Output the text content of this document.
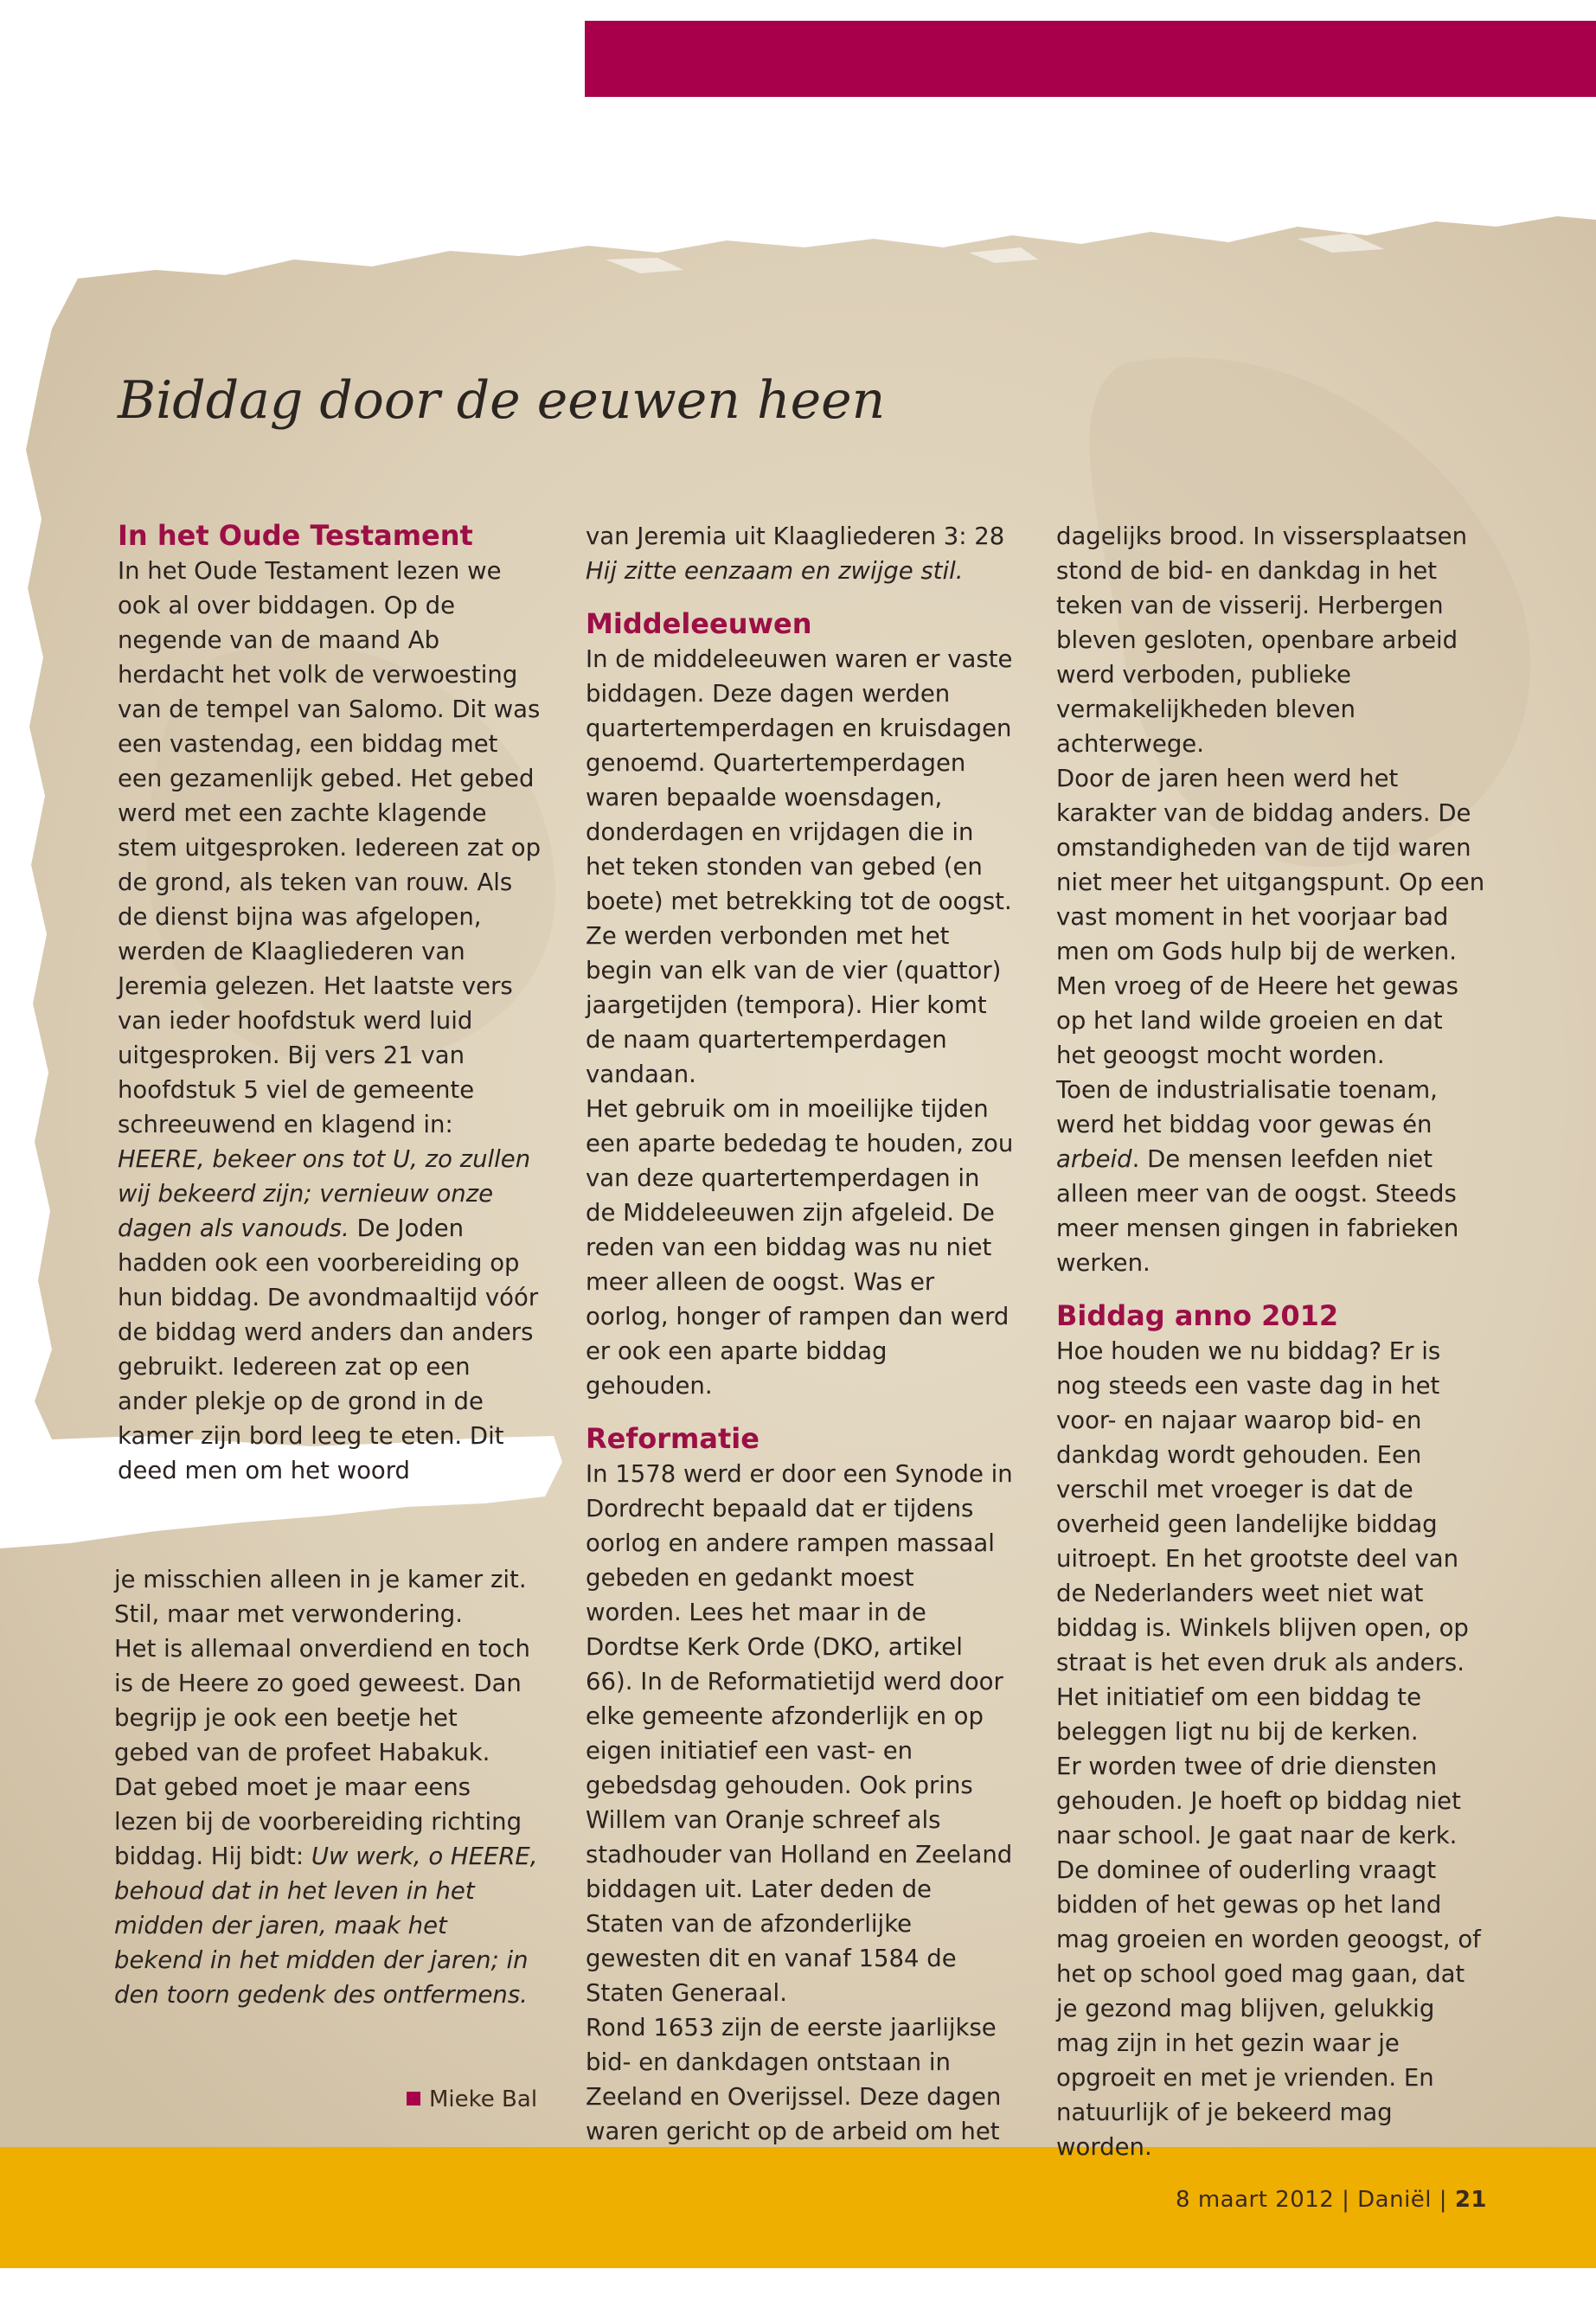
Biddag door de eeuwen heen
In het Oude Testament

In het Oude Testament lezen we ook al over biddagen. Op de negende van de maand Ab herdacht het volk de verwoesting van de tempel van Salomo. Dit was een vastendag, een biddag met een gezamenlijk gebed. Het gebed werd met een zachte klagende stem uitgesproken. Iedereen zat op de grond, als teken van rouw. Als de dienst bijna was afgelopen, werden de Klaagliederen van Jeremia gelezen. Het laatste vers van ieder hoofdstuk werd luid uitgesproken. Bij vers 21 van hoofdstuk 5 viel de gemeente schreeuwend en klagend in: HEERE, bekeer ons tot U, zo zullen wij bekeerd zijn; vernieuw onze dagen als vanouds. De Joden hadden ook een voorbereiding op hun biddag. De avondmaaltijd vóór de biddag werd anders dan anders gebruikt. Iedereen zat op een ander plekje op de grond in de kamer zijn bord leeg te eten. Dit deed men om het woord

je misschien alleen in je kamer zit. Stil, maar met verwondering.

Het is allemaal onverdiend en toch is de Heere zo goed geweest. Dan begrijp je ook een beetje het gebed van de profeet Habakuk. Dat gebed moet je maar eens lezen bij de voorbereiding richting biddag. Hij bidt: Uw werk, o HEERE, behoud dat in het leven in het midden der jaren, maak het bekend in het midden der jaren; in den toorn gedenk des ontfermens.

Mieke Bal

van Jeremia uit Klaagliederen 3: 28

Hij zitte eenzaam en zwijge stil.

Middeleeuwen

In de middeleeuwen waren er vaste biddagen. Deze dagen werden quartertemperdagen en kruisdagen genoemd. Quartertemperdagen waren bepaalde woensdagen, donderdagen en vrijdagen die in het teken stonden van gebed (en boete) met betrekking tot de oogst. Ze werden verbonden met het begin van elk van de vier (quattor) jaargetijden (tempora). Hier komt de naam quartertemperdagen vandaan.

Het gebruik om in moeilijke tijden een aparte bededag te houden, zou van deze quartertemperdagen in de Middeleeuwen zijn afgeleid. De reden van een biddag was nu niet meer alleen de oogst. Was er oorlog, honger of rampen dan werd er ook een aparte biddag gehouden.

Reformatie

In 1578 werd er door een Synode in Dordrecht bepaald dat er tijdens oorlog en andere rampen massaal gebeden en gedankt moest worden. Lees het maar in de Dordtse Kerk Orde (DKO, artikel 66). In de Reformatietijd werd door elke gemeente afzonderlijk en op eigen initiatief een vast- en gebedsdag gehouden. Ook prins Willem van Oranje schreef als stadhouder van Holland en Zeeland biddagen uit. Later deden de Staten van de afzonderlijke gewesten dit en vanaf 1584 de Staten Generaal.

Rond 1653 zijn de eerste jaarlijkse bid- en dankdagen ontstaan in Zeeland en Overijssel. Deze dagen waren gericht op de arbeid om het

dagelijks brood. In vissersplaatsen stond de bid- en dankdag in het teken van de visserij. Herbergen bleven gesloten, openbare arbeid werd verboden, publieke vermakelijkheden bleven achterwege.

Door de jaren heen werd het karakter van de biddag anders. De omstandigheden van de tijd waren niet meer het uitgangspunt. Op een vast moment in het voorjaar bad men om Gods hulp bij de werken. Men vroeg of de Heere het gewas op het land wilde groeien en dat het geoogst mocht worden.

Toen de industrialisatie toenam, werd het biddag voor gewas én arbeid. De mensen leefden niet alleen meer van de oogst. Steeds meer mensen gingen in fabrieken werken.

Biddag anno 2012

Hoe houden we nu biddag? Er is nog steeds een vaste dag in het voor- en najaar waarop bid- en dankdag wordt gehouden. Een verschil met vroeger is dat de overheid geen landelijke biddag uitroept. En het grootste deel van de Nederlanders weet niet wat biddag is. Winkels blijven open, op straat is het even druk als anders. Het initiatief om een biddag te beleggen ligt nu bij de kerken.

Er worden twee of drie diensten gehouden. Je hoeft op biddag niet naar school. Je gaat naar de kerk. De dominee of ouderling vraagt bidden of het gewas op het land mag groeien en worden geoogst, of het op school goed mag gaan, dat je gezond mag blijven, gelukkig mag zijn in het gezin waar je opgroeit en met je vrienden. En natuurlijk of je bekeerd mag worden.

8 maart 2012 | Daniël | 21
